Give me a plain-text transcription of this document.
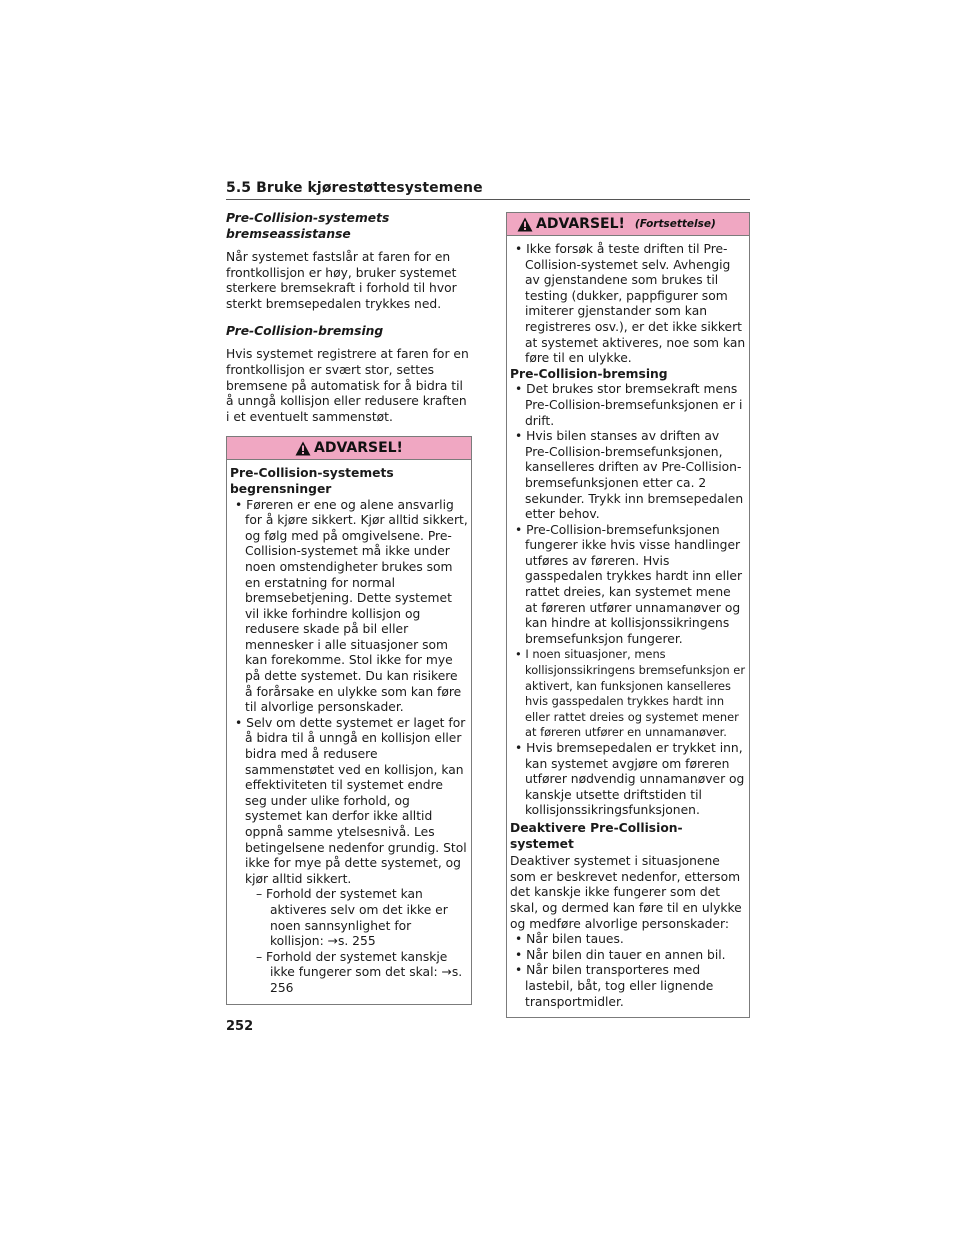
5.5 Bruke kjørestøttesystemene
Pre-Collision-systemets bremseassistanse
Når systemet fastslår at faren for en frontkollisjon er høy, bruker systemet sterkere bremsekraft i forhold til hvor sterkt bremsepedalen trykkes ned.
Pre-Collision-bremsing
Hvis systemet registrere at faren for en frontkollisjon er svært stor, settes bremsene på automatisk for å bidra til å unngå kollisjon eller redusere kraften i et eventuelt sammenstøt.
ADVARSEL!
Pre-Collision-systemets begrensninger
• Føreren er ene og alene ansvarlig for å kjøre sikkert. Kjør alltid sikkert, og følg med på omgivelsene. Pre-Collision-systemet må ikke under noen omstendigheter brukes som en erstatning for normal bremsebetjening. Dette systemet vil ikke forhindre kollisjon og redusere skade på bil eller mennesker i alle situasjoner som kan forekomme. Stol ikke for mye på dette systemet. Du kan risikere å forårsake en ulykke som kan føre til alvorlige personskader.
• Selv om dette systemet er laget for å bidra til å unngå en kollisjon eller bidra med å redusere sammenstøtet ved en kollisjon, kan effektiviteten til systemet endre seg under ulike forhold, og systemet kan derfor ikke alltid oppnå samme ytelsesnivå. Les betingelsene nedenfor grundig. Stol ikke for mye på dette systemet, og kjør alltid sikkert.
– Forhold der systemet kan aktiveres selv om det ikke er noen sannsynlighet for kollisjon: →s. 255
– Forhold der systemet kanskje ikke fungerer som det skal: →s. 256
ADVARSEL! (Fortsettelse)
• Ikke forsøk å teste driften til Pre-Collision-systemet selv. Avhengig av gjenstandene som brukes til testing (dukker, pappfigurer som imiterer gjenstander som kan registreres osv.), er det ikke sikkert at systemet aktiveres, noe som kan føre til en ulykke.
Pre-Collision-bremsing
• Det brukes stor bremsekraft mens Pre-Collision-bremsefunksjonen er i drift.
• Hvis bilen stanses av driften av Pre-Collision-bremsefunksjonen, kanselleres driften av Pre-Collision-bremsefunksjonen etter ca. 2 sekunder. Trykk inn bremsepedalen etter behov.
• Pre-Collision-bremsefunksjonen fungerer ikke hvis visse handlinger utføres av føreren. Hvis gasspedalen trykkes hardt inn eller rattet dreies, kan systemet mene at føreren utfører unnamanøver og kan hindre at kollisjonssikringens bremsefunksjon fungerer.
• I noen situasjoner, mens kollisjonssikringens bremsefunksjon er aktivert, kan funksjonen kanselleres hvis gasspedalen trykkes hardt inn eller rattet dreies og systemet mener at føreren utfører en unnamanøver.
• Hvis bremsepedalen er trykket inn, kan systemet avgjøre om føreren utfører nødvendig unnamanøver og kanskje utsette driftstiden til kollisjonssikringsfunksjonen.
Deaktivere Pre-Collision-systemet
Deaktiver systemet i situasjonene som er beskrevet nedenfor, ettersom det kanskje ikke fungerer som det skal, og dermed kan føre til en ulykke og medføre alvorlige personskader:
• Når bilen taues.
• Når bilen din tauer en annen bil.
• Når bilen transporteres med lastebil, båt, tog eller lignende transportmidler.
252
